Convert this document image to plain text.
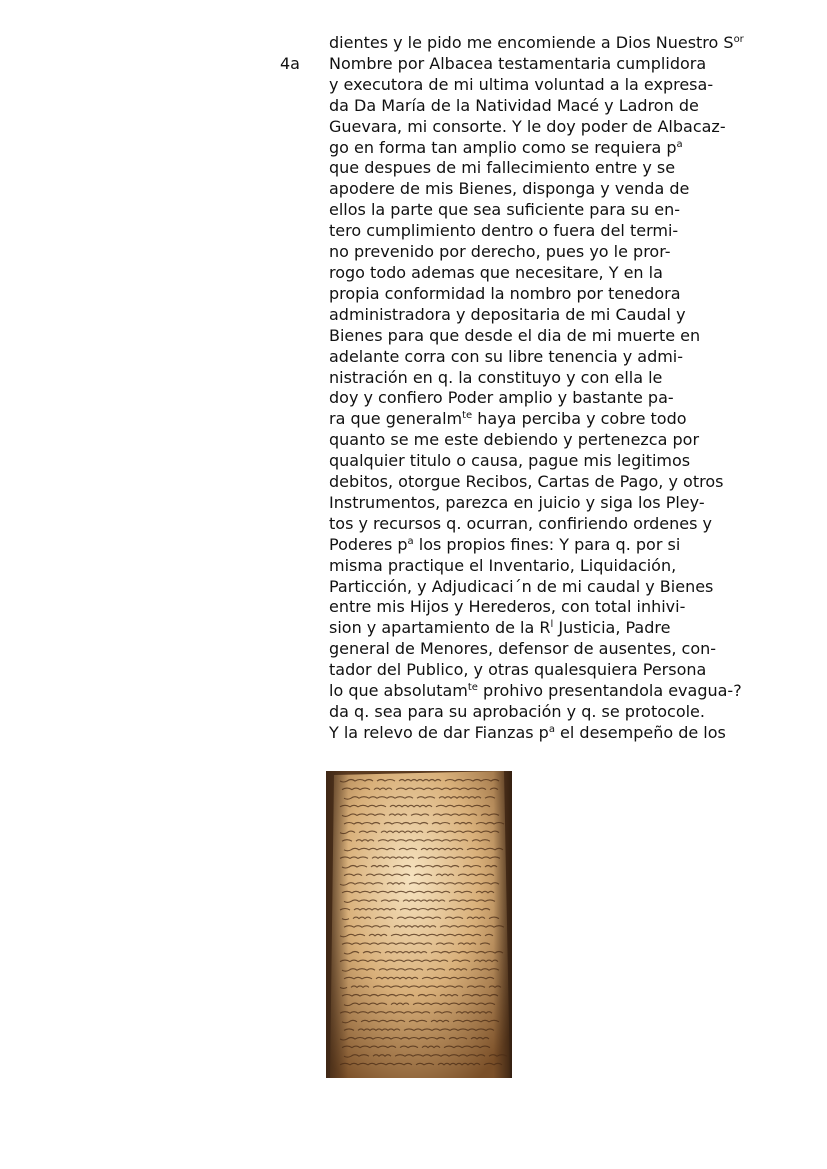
4a
dientes y le pido me encomiende a Dios Nuestro $S^{or}$
Nombre por Albacea testamentaria cumplidora
y executora de mi ultima voluntad a la expresa-
da Da María de la Natividad Macé y Ladron de
Guevara, mi consorte. Y le doy poder de Albacaz-
go en forma tan amplio como se requiera $p^a$
que despues de mi fallecimiento entre y se
apodere de mis Bienes, disponga y venda de
ellos la parte que sea suficiente para su en-
tero cumplimiento dentro o fuera del termi-
no prevenido por derecho, pues yo le pror-
rogo todo ademas que necesitare, Y en la
propia conformidad la nombro por tenedora
administradora y depositaria de mi Caudal y
Bienes para que desde el dia de mi muerte en
adelante corra con su libre tenencia y admi-
nistración en q. la constituyo y con ella le
doy y confiero Poder amplio y bastante pa-
ra que generalm$^{te}$ haya perciba y cobre todo
quanto se me este debiendo y pertenezca por
qualquier titulo o causa, pague mis legitimos
debitos, otorgue Recibos, Cartas de Pago, y otros
Instrumentos, parezca en juicio y siga los Pley-
tos y recursos q. ocurran, confiriendo ordenes y
Poderes $p^a$ los propios fines: Y para q. por si
misma practique el Inventario, Liquidación,
Particción, y Adjudicaci´n de mi caudal y Bienes
entre mis Hijos y Herederos, con total inhivi-
sion y apartamiento de la $R^l$ Justicia, Padre
general de Menores, defensor de ausentes, con-
tador del Publico, y otras qualesquiera Persona
lo que absolutam$^{te}$ prohivo presentandola evagua-?
da q. sea para su aprobación y q. se protocole.
Y la relevo de dar Fianzas $p^a$ el desempeño de los
